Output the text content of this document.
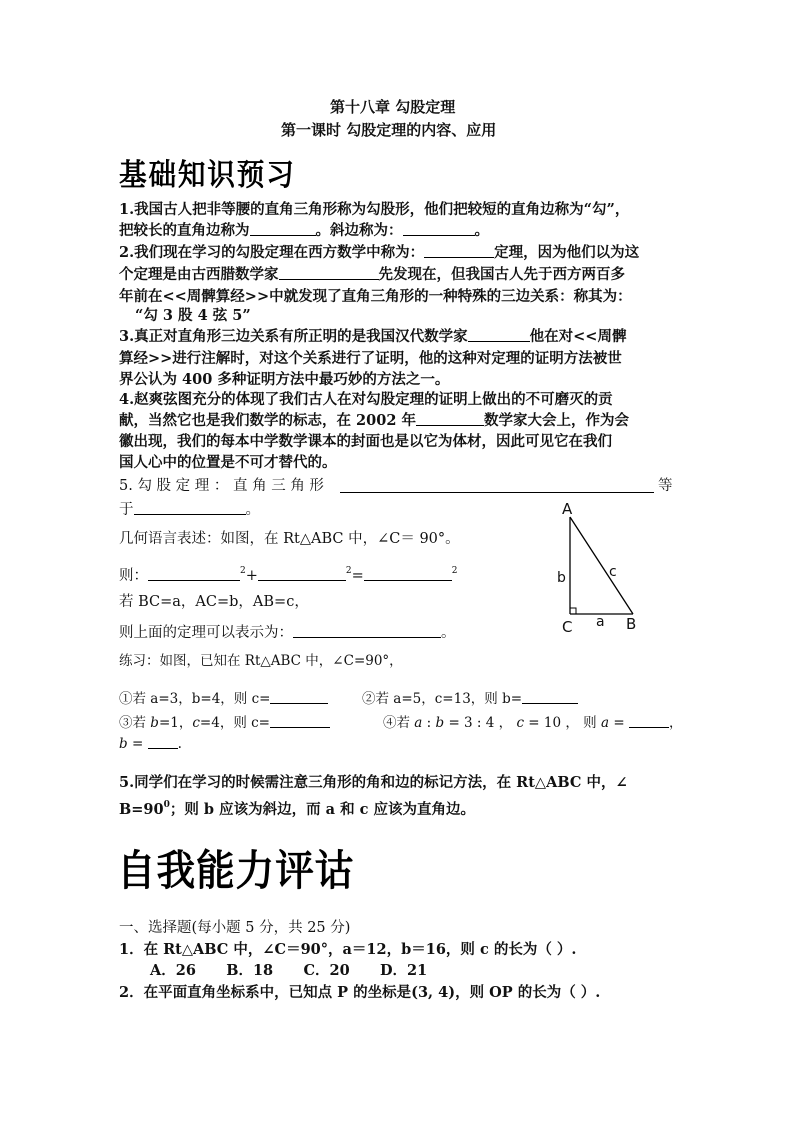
第十八章 勾股定理
第一课时 勾股定理的内容、应用
基础知识预习
1.我国古人把非等腰的直角三角形称为勾股形，他们把较短的直角边称为“勾”，
把较长的直角边称为	。斜边称为：	。
2.我们现在学习的勾股定理在西方数学中称为：	定理，因为他们以为这
个定理是由古西腊数学家	先发现在，但我国古人先于西方两百多
年前在<<周髀算经>>中就发现了直角三角形的一种特殊的三边关系：称其为：
“勾 3 股 4 弦 5”
3.真正对直角形三边关系有所正明的是我国汉代数学家	他在对<<周髀
算经>>进行注解时，对这个关系进行了证明，他的这种对定理的证明方法被世
界公认为 400 多种证明方法中最巧妙的方法之一。
4.赵爽弦图充分的体现了我们古人在对勾股定理的证明上做出的不可磨灭的贡
献，当然它也是我们数学的标志，在 2002 年	数学家大会上，作为会
徽出现，我们的每本中学数学课本的封面也是以它为体材，因此可见它在我们
国人心中的位置是不可才替代的。
5. 勾 股 定 理 ： 直 角 三 角 形	等
于	。
几何语言表述：如图，在 Rt△ABC 中，∠C＝ 90°。
则：	$^2$+	$^2$=	$^2$
若 BC=a，AC=b，AB=c，
则上面的定理可以表示为：	。
A
C	B
a
b	c
练习：如图，已知在 Rt△ABC 中，∠C=90°，
①若 a=3，b=4，则 c=	②若 a=5，c=13，则 b=
③若 b=1，c=4，则 c=	④若 a : b = 3 : 4 ， c = 10 ， 则 a =	，
b = .
5.同学们在学习的时候需注意三角形的角和边的标记方法，在 Rt△ABC 中，∠
$B=90^0$；则 b 应该为斜边，而 a 和 c 应该为直角边。
自我能力评诂
一、选择题(每小题 5 分，共 25 分)
1．在 Rt△ABC 中，∠C＝90°，a＝12，b＝16，则 c 的长为（ ）.
A．26      B．18      C．20      D．21
2．在平面直角坐标系中，已知点 P 的坐标是(3, 4)，则 OP 的长为（ ）.
